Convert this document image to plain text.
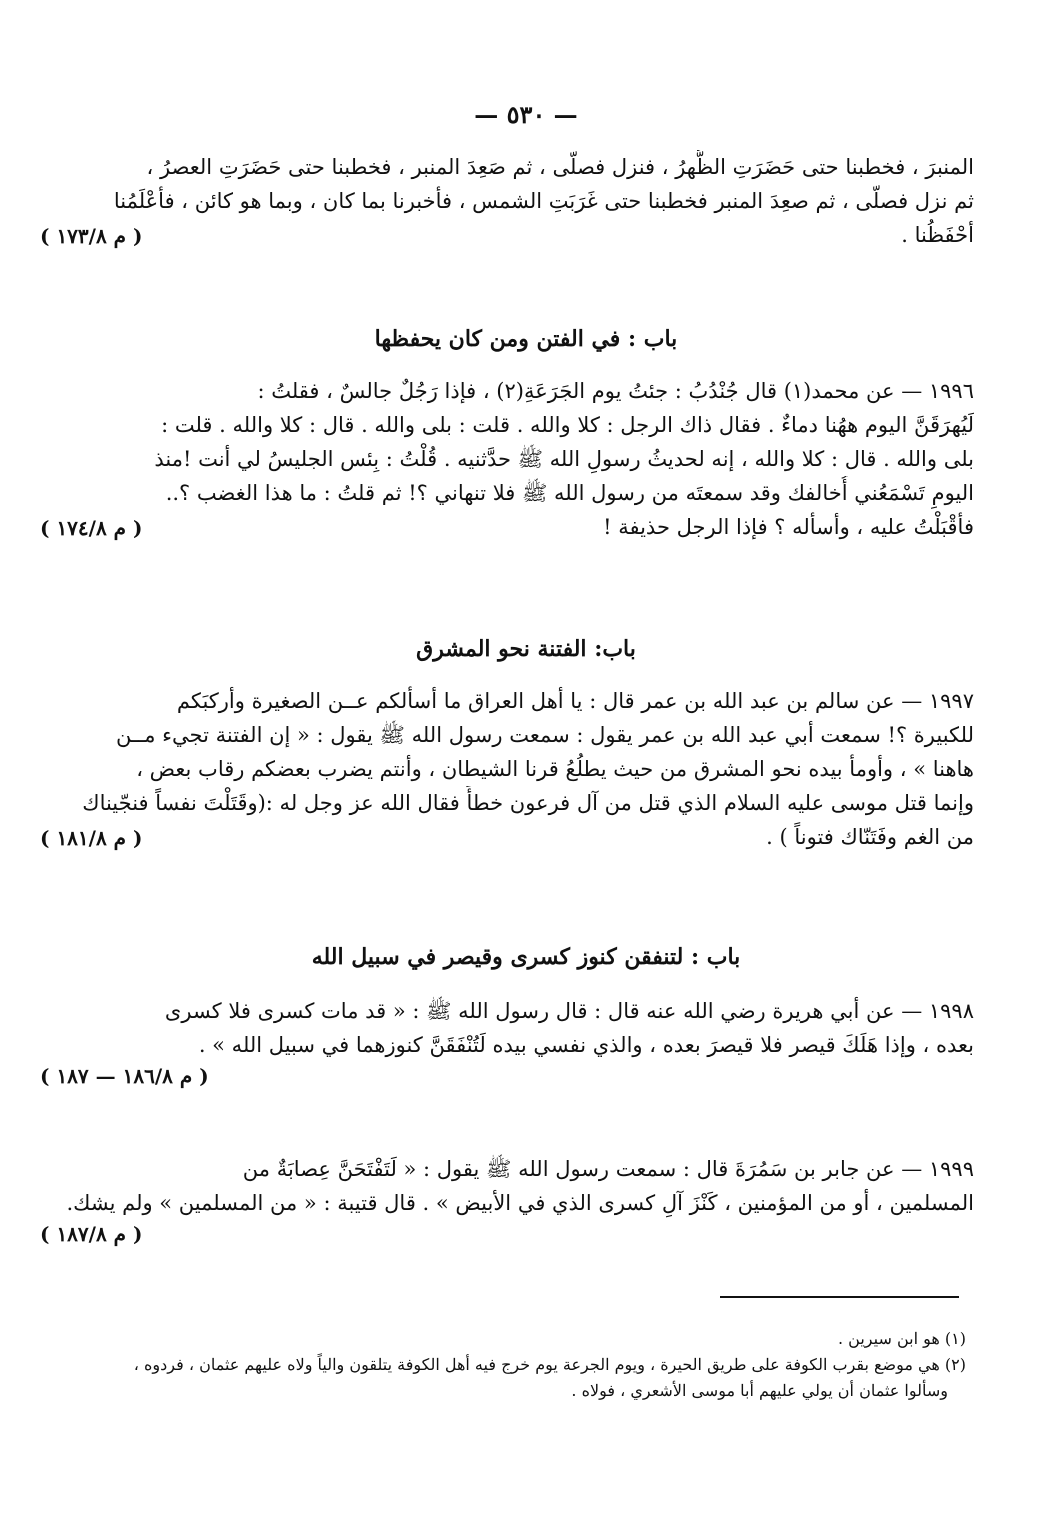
— ٥٣٠ —
المنبرَ ، فخطبنا حتى حَضَرَتِ الظُّهرُ ، فنزل فصلّى ، ثم صَعِدَ المنبر ، فخطبنا حتى حَضَرَتِ العصرُ ،
ثم نزل فصلّى ، ثم صعِدَ المنبر فخطبنا حتى غَرَبَتِ الشمس ، فأخبرنا بما كان ، وبما هو كائن ، فأعْلَمُنا
أحْفَظُنا .
( م ١٧٣/٨ )
باب : في الفتن ومن كان يحفظها
١٩٩٦ — عن محمد(١) قال جُنْدُبُ : جئتُ يوم الجَرَعَةِ(٢) ، فإذا رَجُلٌ جالسٌ ، فقلتُ :
لَيُهرَقَنَّ اليوم ههُنا دماءٌ . فقال ذاك الرجل : كلا والله . قلت : بلى والله . قال : كلا والله . قلت :
بلى والله . قال : كلا والله ، إنه لحديثُ رسولِ الله ﷺ حدَّثنيه . قُلْتُ : بِئس الجليسُ لي أنت !منذ
اليومِ تَسْمَعُني أُخالفك وقد سمعتَه من رسول الله ﷺ فلا تنهاني ؟! ثم قلتُ : ما هذا الغضب ؟..
فأقْبَلْتُ عليه ، وأسأله ؟ فإذا الرجل حذيفة !
( م ١٧٤/٨ )
باب: الفتنة نحو المشرق
١٩٩٧ — عن سالم بن عبد الله بن عمر قال : يا أهل العراق ما أسألكم عــن الصغيرة وأركبَكم
للكبيرة ؟! سمعت أبي عبد الله بن عمر يقول : سمعت رسول الله ﷺ يقول : « إن الفتنة تجيء مــن
هاهنا » ، وأومأ بيده نحو المشرق من حيث يطلُعُ قرنا الشيطان ، وأنتم يضرب بعضكم رقاب بعض ،
وإنما قتل موسى عليه السلام الذي قتل من آل فرعون خطأً فقال الله عز وجل له :(وقَتَلْتَ نفساً فنجّيناك
من الغم وفَتَنّاك فتوناً ) .
( م ١٨١/٨ )
باب : لتنفقن كنوز كسرى وقيصر في سبيل الله
١٩٩٨ — عن أبي هريرة رضي الله عنه قال : قال رسول الله ﷺ : « قد مات كسرى فلا كسرى
بعده ، وإذا هَلَكَ قيصر فلا قيصرَ بعده ، والذي نفسي بيده لَتُنْفَقَنَّ كنوزهما في سبيل الله » .
( م ١٨٦/٨ — ١٨٧ )
١٩٩٩ — عن جابر بن سَمُرَةَ قال : سمعت رسول الله ﷺ يقول : « لَتَفْتَحَنَّ عِصابَةٌ من
المسلمين ، أو من المؤمنين ، كَنْزَ آلِ كسرى الذي في الأبيض » . قال قتيبة : « من المسلمين » ولم يشك.
( م ١٨٧/٨ )
(١) هو ابن سيرين .
(٢) هي موضع بقرب الكوفة على طريق الحيرة ، ويوم الجرعة يوم خرج فيه أهل الكوفة يتلقون والياً ولاه عليهم عثمان ، فردوه ،
وسألوا عثمان أن يولي عليهم أبا موسى الأشعري ، فولاه .
